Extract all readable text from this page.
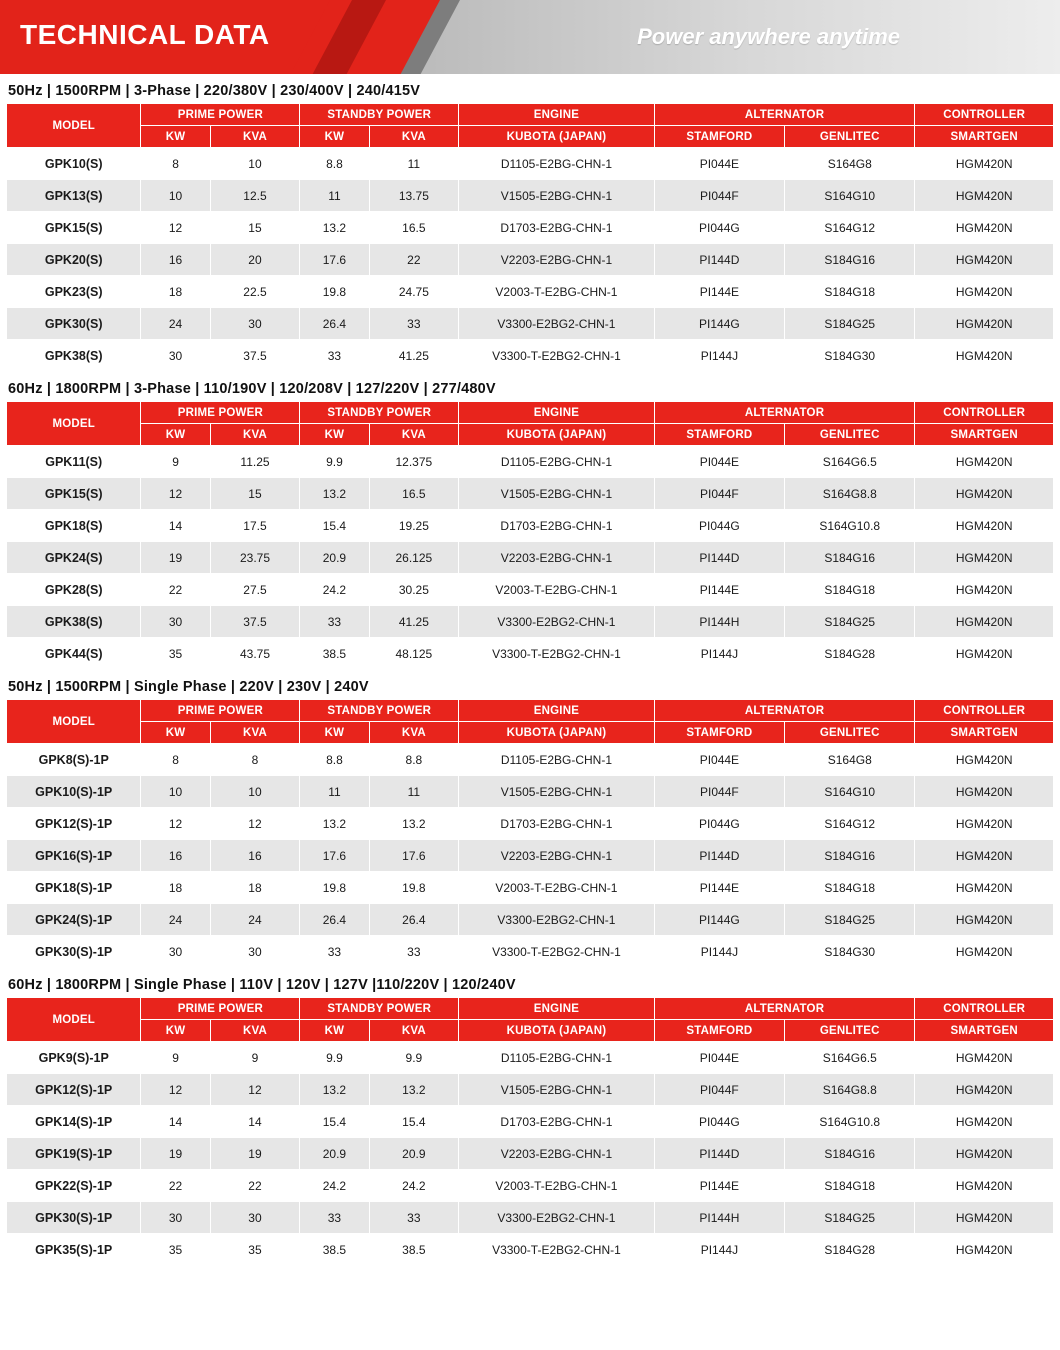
TECHNICAL DATA	Power anywhere anytime
50Hz | 1500RPM | 3-Phase | 220/380V | 230/400V | 240/415V
MODEL	PRIME POWER		STANDBY POWER		ENGINE	ALTERNATOR		CONTROLLER
	KW	KVA	KW	KVA	KUBOTA (JAPAN)	STAMFORD	GENLITEC	SMARTGEN
GPK10(S)	8	10	8.8	11	D1105-E2BG-CHN-1	PI044E	S164G8	HGM420N
GPK13(S)	10	12.5	11	13.75	V1505-E2BG-CHN-1	PI044F	S164G10	HGM420N
GPK15(S)	12	15	13.2	16.5	D1703-E2BG-CHN-1	PI044G	S164G12	HGM420N
GPK20(S)	16	20	17.6	22	V2203-E2BG-CHN-1	PI144D	S184G16	HGM420N
GPK23(S)	18	22.5	19.8	24.75	V2003-T-E2BG-CHN-1	PI144E	S184G18	HGM420N
GPK30(S)	24	30	26.4	33	V3300-E2BG2-CHN-1	PI144G	S184G25	HGM420N
GPK38(S)	30	37.5	33	41.25	V3300-T-E2BG2-CHN-1	PI144J	S184G30	HGM420N
60Hz | 1800RPM | 3-Phase | 110/190V | 120/208V | 127/220V | 277/480V
MODEL	PRIME POWER		STANDBY POWER		ENGINE	ALTERNATOR		CONTROLLER
	KW	KVA	KW	KVA	KUBOTA (JAPAN)	STAMFORD	GENLITEC	SMARTGEN
GPK11(S)	9	11.25	9.9	12.375	D1105-E2BG-CHN-1	PI044E	S164G6.5	HGM420N
GPK15(S)	12	15	13.2	16.5	V1505-E2BG-CHN-1	PI044F	S164G8.8	HGM420N
GPK18(S)	14	17.5	15.4	19.25	D1703-E2BG-CHN-1	PI044G	S164G10.8	HGM420N
GPK24(S)	19	23.75	20.9	26.125	V2203-E2BG-CHN-1	PI144D	S184G16	HGM420N
GPK28(S)	22	27.5	24.2	30.25	V2003-T-E2BG-CHN-1	PI144E	S184G18	HGM420N
GPK38(S)	30	37.5	33	41.25	V3300-E2BG2-CHN-1	PI144H	S184G25	HGM420N
GPK44(S)	35	43.75	38.5	48.125	V3300-T-E2BG2-CHN-1	PI144J	S184G28	HGM420N
50Hz | 1500RPM | Single Phase | 220V | 230V | 240V
MODEL	PRIME POWER		STANDBY POWER		ENGINE	ALTERNATOR		CONTROLLER
	KW	KVA	KW	KVA	KUBOTA (JAPAN)	STAMFORD	GENLITEC	SMARTGEN
GPK8(S)-1P	8	8	8.8	8.8	D1105-E2BG-CHN-1	PI044E	S164G8	HGM420N
GPK10(S)-1P	10	10	11	11	V1505-E2BG-CHN-1	PI044F	S164G10	HGM420N
GPK12(S)-1P	12	12	13.2	13.2	D1703-E2BG-CHN-1	PI044G	S164G12	HGM420N
GPK16(S)-1P	16	16	17.6	17.6	V2203-E2BG-CHN-1	PI144D	S184G16	HGM420N
GPK18(S)-1P	18	18	19.8	19.8	V2003-T-E2BG-CHN-1	PI144E	S184G18	HGM420N
GPK24(S)-1P	24	24	26.4	26.4	V3300-E2BG2-CHN-1	PI144G	S184G25	HGM420N
GPK30(S)-1P	30	30	33	33	V3300-T-E2BG2-CHN-1	PI144J	S184G30	HGM420N
60Hz | 1800RPM | Single Phase | 110V | 120V | 127V |110/220V | 120/240V
MODEL	PRIME POWER		STANDBY POWER		ENGINE	ALTERNATOR		CONTROLLER
	KW	KVA	KW	KVA	KUBOTA (JAPAN)	STAMFORD	GENLITEC	SMARTGEN
GPK9(S)-1P	9	9	9.9	9.9	D1105-E2BG-CHN-1	PI044E	S164G6.5	HGM420N
GPK12(S)-1P	12	12	13.2	13.2	V1505-E2BG-CHN-1	PI044F	S164G8.8	HGM420N
GPK14(S)-1P	14	14	15.4	15.4	D1703-E2BG-CHN-1	PI044G	S164G10.8	HGM420N
GPK19(S)-1P	19	19	20.9	20.9	V2203-E2BG-CHN-1	PI144D	S184G16	HGM420N
GPK22(S)-1P	22	22	24.2	24.2	V2003-T-E2BG-CHN-1	PI144E	S184G18	HGM420N
GPK30(S)-1P	30	30	33	33	V3300-E2BG2-CHN-1	PI144H	S184G25	HGM420N
GPK35(S)-1P	35	35	38.5	38.5	V3300-T-E2BG2-CHN-1	PI144J	S184G28	HGM420N
